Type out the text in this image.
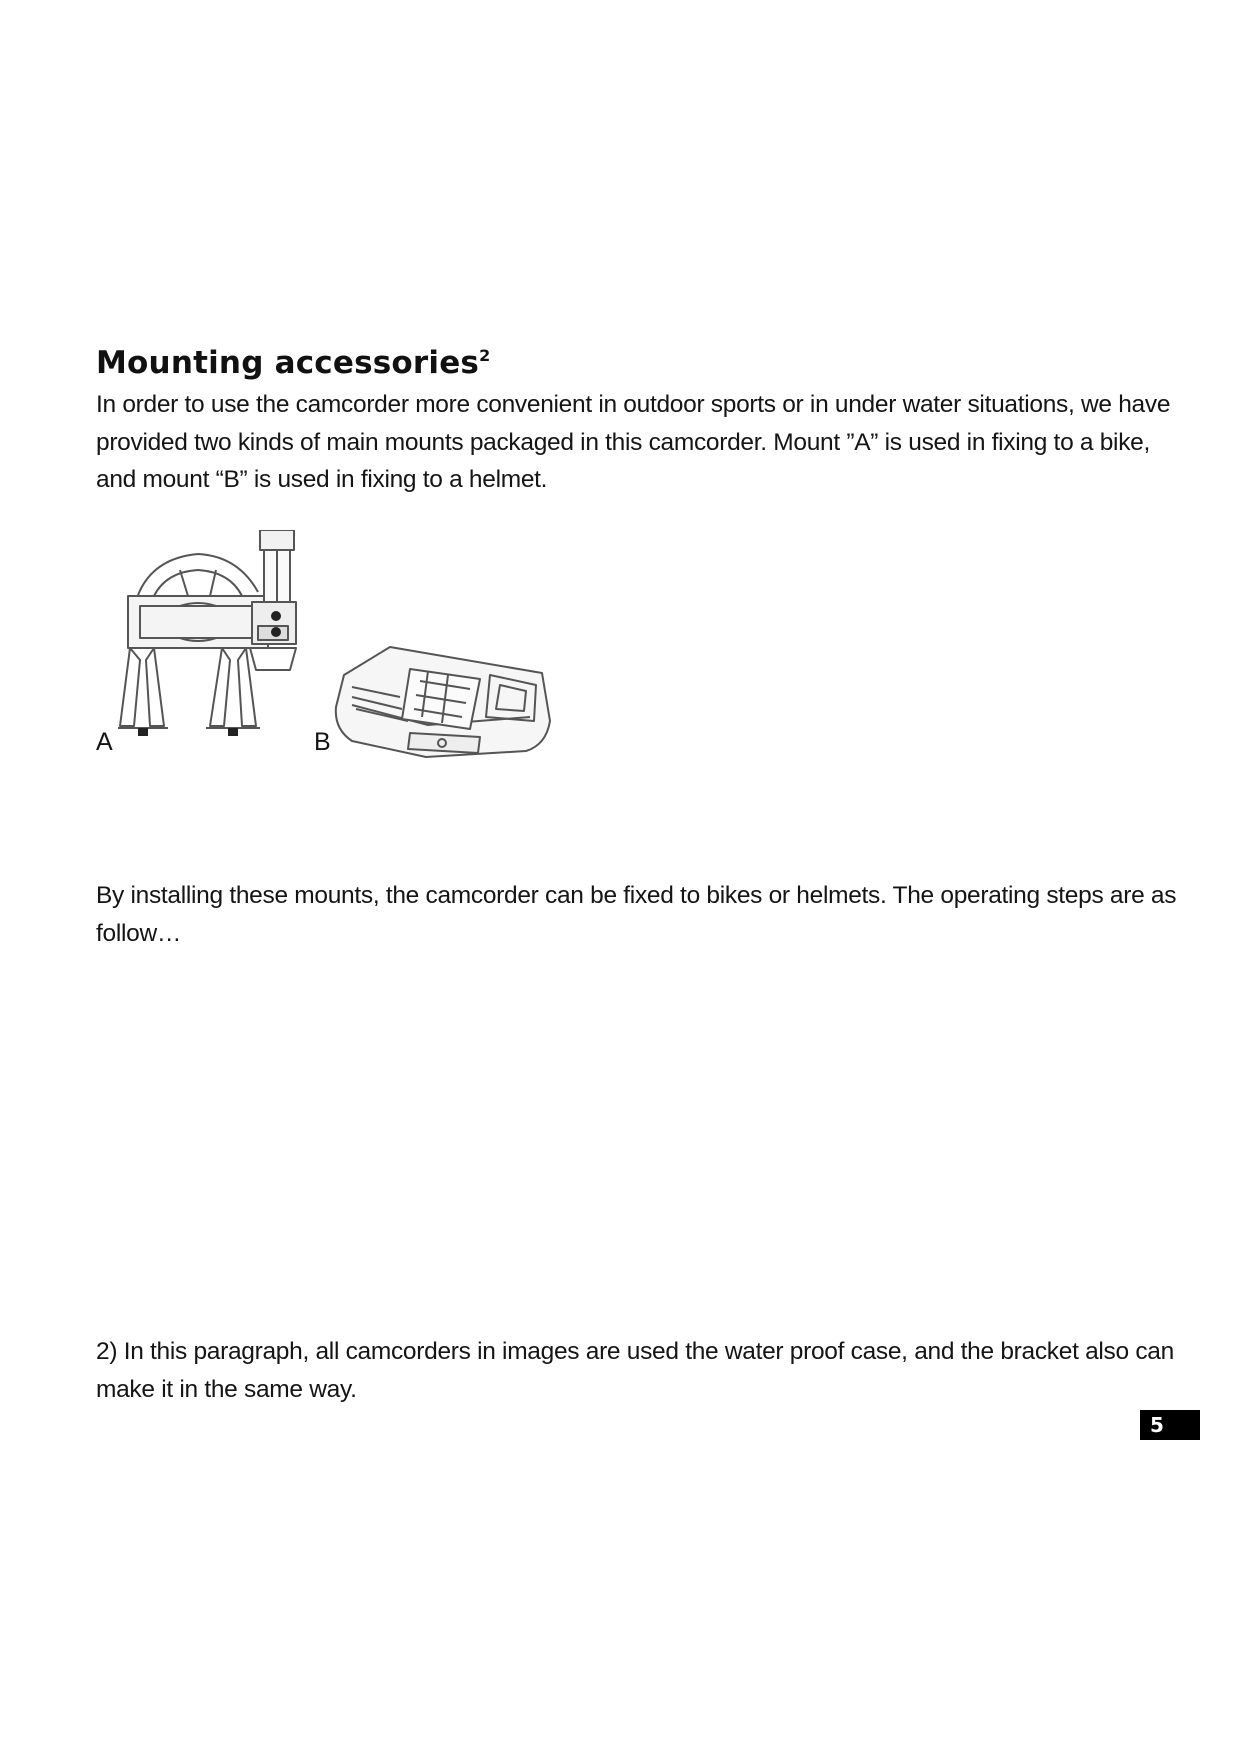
Mounting accessories$^2$

In order to use the camcorder more convenient in outdoor sports or in under water situations, we have provided two kinds of main mounts packaged in this camcorder. Mount ”A” is used in fixing to a bike, and mount “B” is used in fixing to a helmet.

A	B

By installing these mounts, the camcorder can be fixed to bikes or helmets. The operating steps are as follow…

2) In this paragraph, all camcorders in images are used the water proof case, and the bracket also can make it in the same way.

5
